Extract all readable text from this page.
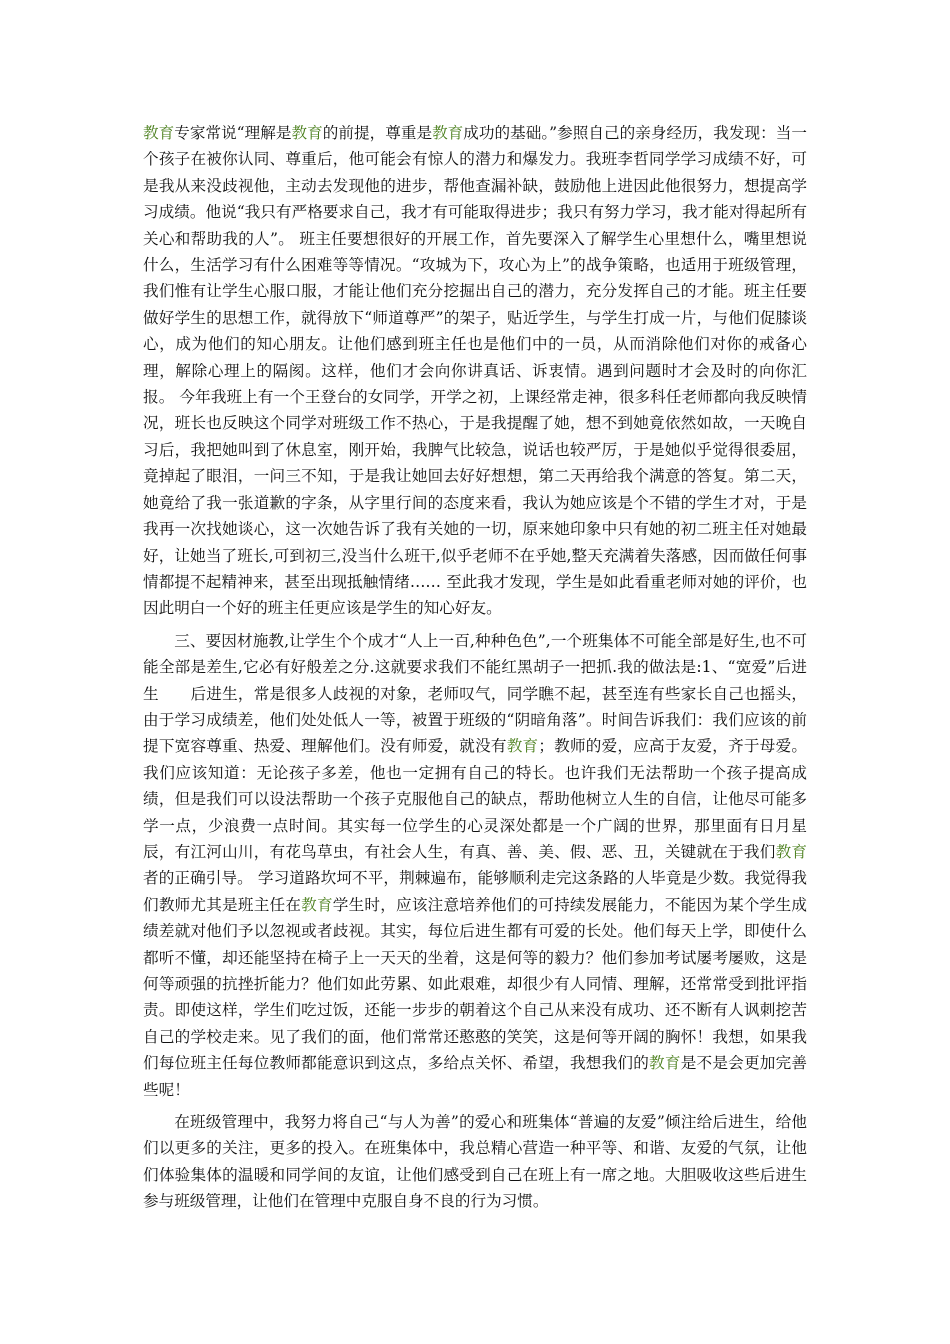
教育专家常说“理解是教育的前提，尊重是教育成功的基础。”参照自己的亲身经历，我发现：当一个孩子在被你认同、尊重后，他可能会有惊人的潜力和爆发力。我班李哲同学学习成绩不好，可是我从来没歧视他，主动去发现他的进步，帮他查漏补缺，鼓励他上进因此他很努力，想提高学习成绩。他说“我只有严格要求自己，我才有可能取得进步；我只有努力学习，我才能对得起所有关心和帮助我的人”。 班主任要想很好的开展工作，首先要深入了解学生心里想什么，嘴里想说什么，生活学习有什么困难等等情况。“攻城为下，攻心为上”的战争策略，也适用于班级管理，我们惟有让学生心服口服，才能让他们充分挖掘出自己的潜力，充分发挥自己的才能。班主任要做好学生的思想工作，就得放下“师道尊严”的架子，贴近学生，与学生打成一片，与他们促膝谈心，成为他们的知心朋友。让他们感到班主任也是他们中的一员，从而消除他们对你的戒备心理，解除心理上的隔阂。这样，他们才会向你讲真话、诉衷情。遇到问题时才会及时的向你汇报。 今年我班上有一个王登台的女同学，开学之初，上课经常走神，很多科任老师都向我反映情况，班长也反映这个同学对班级工作不热心，于是我提醒了她，想不到她竟依然如故，一天晚自习后，我把她叫到了休息室，刚开始，我脾气比较急，说话也较严厉，于是她似乎觉得很委屈，竟掉起了眼泪，一问三不知，于是我让她回去好好想想，第二天再给我个满意的答复。第二天，她竟给了我一张道歉的字条，从字里行间的态度来看，我认为她应该是个不错的学生才对，于是我再一次找她谈心，这一次她告诉了我有关她的一切，原来她印象中只有她的初二班主任对她最好，让她当了班长,可到初三,没当什么班干,似乎老师不在乎她,整天充满着失落感，因而做任何事情都提不起精神来，甚至出现抵触情绪…… 至此我才发现，学生是如此看重老师对她的评价，也因此明白一个好的班主任更应该是学生的知心好友。

三、要因材施教,让学生个个成才“人上一百,种种色色”,一个班集体不可能全部是好生,也不可能全部是差生,它必有好般差之分.这就要求我们不能红黑胡子一把抓.我的做法是:1、“宽爱”后进生　　后进生，常是很多人歧视的对象，老师叹气，同学瞧不起，甚至连有些家长自己也摇头，由于学习成绩差，他们处处低人一等，被置于班级的“阴暗角落”。时间告诉我们：我们应该的前提下宽容尊重、热爱、理解他们。没有师爱，就没有教育；教师的爱，应高于友爱，齐于母爱。我们应该知道：无论孩子多差，他也一定拥有自己的特长。也许我们无法帮助一个孩子提高成绩，但是我们可以设法帮助一个孩子克服他自己的缺点，帮助他树立人生的自信，让他尽可能多学一点，少浪费一点时间。其实每一位学生的心灵深处都是一个广阔的世界，那里面有日月星辰，有江河山川，有花鸟草虫，有社会人生，有真、善、美、假、恶、丑，关键就在于我们教育者的正确引导。 学习道路坎坷不平，荆棘遍布，能够顺利走完这条路的人毕竟是少数。我觉得我们教师尤其是班主任在教育学生时，应该注意培养他们的可持续发展能力，不能因为某个学生成绩差就对他们予以忽视或者歧视。其实，每位后进生都有可爱的长处。他们每天上学，即使什么都听不懂，却还能坚持在椅子上一天天的坐着，这是何等的毅力？他们参加考试屡考屡败，这是何等顽强的抗挫折能力？他们如此劳累、如此艰难，却很少有人同情、理解，还常常受到批评指责。即使这样，学生们吃过饭，还能一步步的朝着这个自己从来没有成功、还不断有人讽刺挖苦自己的学校走来。见了我们的面，他们常常还憨憨的笑笑，这是何等开阔的胸怀！我想，如果我们每位班主任每位教师都能意识到这点，多给点关怀、希望，我想我们的教育是不是会更加完善些呢！

在班级管理中，我努力将自己“与人为善”的爱心和班集体“普遍的友爱”倾注给后进生，给他们以更多的关注，更多的投入。在班集体中，我总精心营造一种平等、和谐、友爱的气氛，让他们体验集体的温暖和同学间的友谊，让他们感受到自己在班上有一席之地。大胆吸收这些后进生参与班级管理，让他们在管理中克服自身不良的行为习惯。
